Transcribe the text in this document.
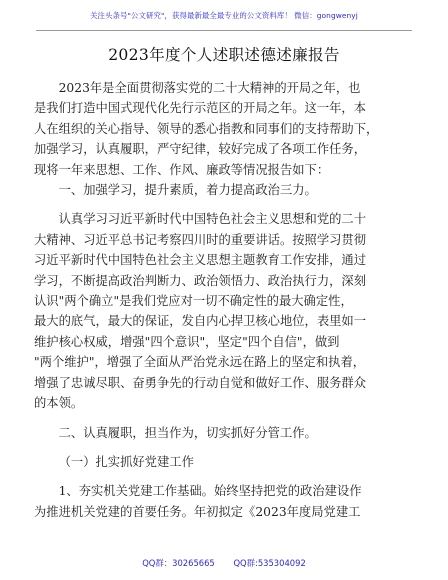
关注头条号"公文研究"，获得最新最全最专业的公文资料库！ 微信：gongwenyj
2023年度个人述职述德述廉报告
2023年是全面贯彻落实党的二十大精神的开局之年，也
是我们打造中国式现代化先行示范区的开局之年。这一年，本
人在组织的关心指导、领导的悉心指教和同事们的支持帮助下，
加强学习，认真履职，严守纪律，较好完成了各项工作任务，
现将一年来思想、工作、作风、廉政等情况报告如下：
一、加强学习，提升素质，着力提高政治三力。
认真学习习近平新时代中国特色社会主义思想和党的二十
大精神、习近平总书记考察四川时的重要讲话。按照学习贯彻
习近平新时代中国特色社会主义思想主题教育工作安排，通过
学习，不断提高政治判断力、政治领悟力、政治执行力，深刻
认识"两个确立"是我们党应对一切不确定性的最大确定性，
最大的底气，最大的保证，发自内心捍卫核心地位，表里如一
维护核心权威，增强"四个意识"，坚定"四个自信"，做到
"两个维护"，增强了全面从严治党永远在路上的坚定和执着，
增强了忠诚尽职、奋勇争先的行动自觉和做好工作、服务群众
的本领。
二、认真履职，担当作为，切实抓好分管工作。
（一）扎实抓好党建工作
1、夯实机关党建工作基础。始终坚持把党的政治建设作
为推进机关党建的首要任务。年初拟定《2023年度局党建工
QQ群：30265665 QQ群:535304092
